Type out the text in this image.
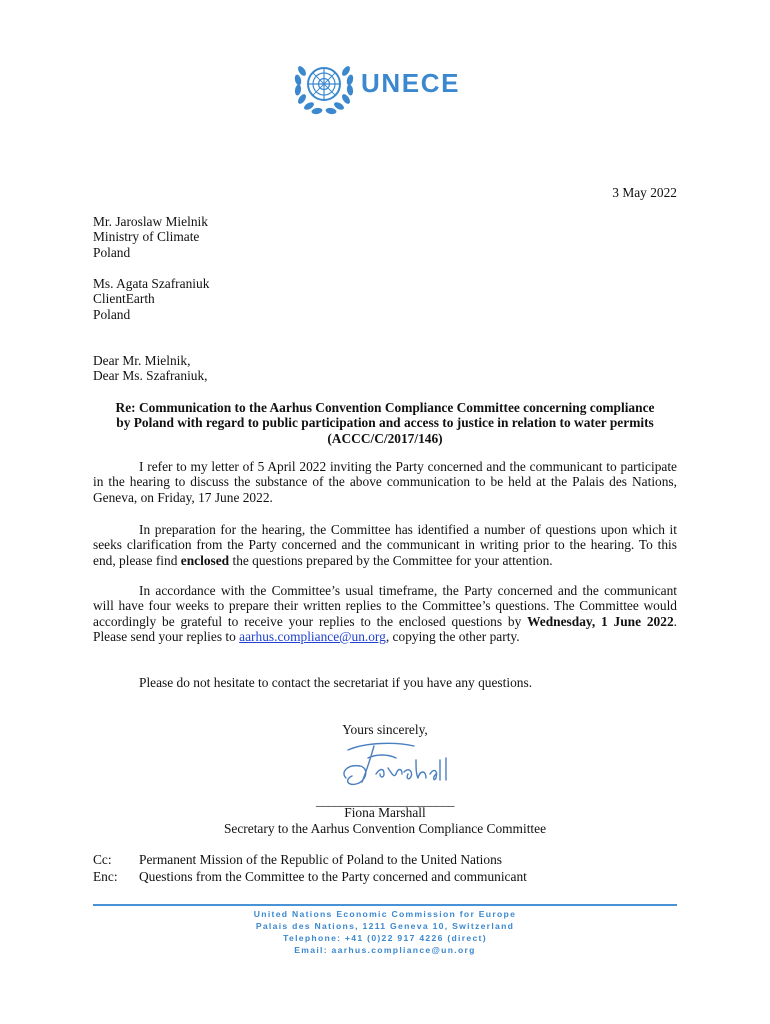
UNECE
3 May 2022
Mr. Jaroslaw Mielnik
Ministry of Climate
Poland
Ms. Agata Szafraniuk
ClientEarth
Poland
Dear Mr. Mielnik,
Dear Ms. Szafraniuk,
Re: Communication to the Aarhus Convention Compliance Committee concerning compliance
by Poland with regard to public participation and access to justice in relation to water permits
(ACCC/C/2017/146)
I refer to my letter of 5 April 2022 inviting the Party concerned and the communicant to participate in the hearing to discuss the substance of the above communication to be held at the Palais des Nations, Geneva, on Friday, 17 June 2022.
In preparation for the hearing, the Committee has identified a number of questions upon which it seeks clarification from the Party concerned and the communicant in writing prior to the hearing. To this end, please find enclosed the questions prepared by the Committee for your attention.
In accordance with the Committee’s usual timeframe, the Party concerned and the communicant will have four weeks to prepare their written replies to the Committee’s questions. The Committee would accordingly be grateful to receive your replies to the enclosed questions by Wednesday, 1 June 2022. Please send your replies to aarhus.compliance@un.org, copying the other party.
Please do not hesitate to contact the secretariat if you have any questions.
Yours sincerely,
_______________________
Fiona Marshall
Secretary to the Aarhus Convention Compliance Committee
Cc:	Permanent Mission of the Republic of Poland to the United Nations
Enc:	Questions from the Committee to the Party concerned and communicant
United Nations Economic Commission for Europe
Palais des Nations, 1211 Geneva 10, Switzerland
Telephone: +41 (0)22 917 4226 (direct)
Email: aarhus.compliance@un.org
